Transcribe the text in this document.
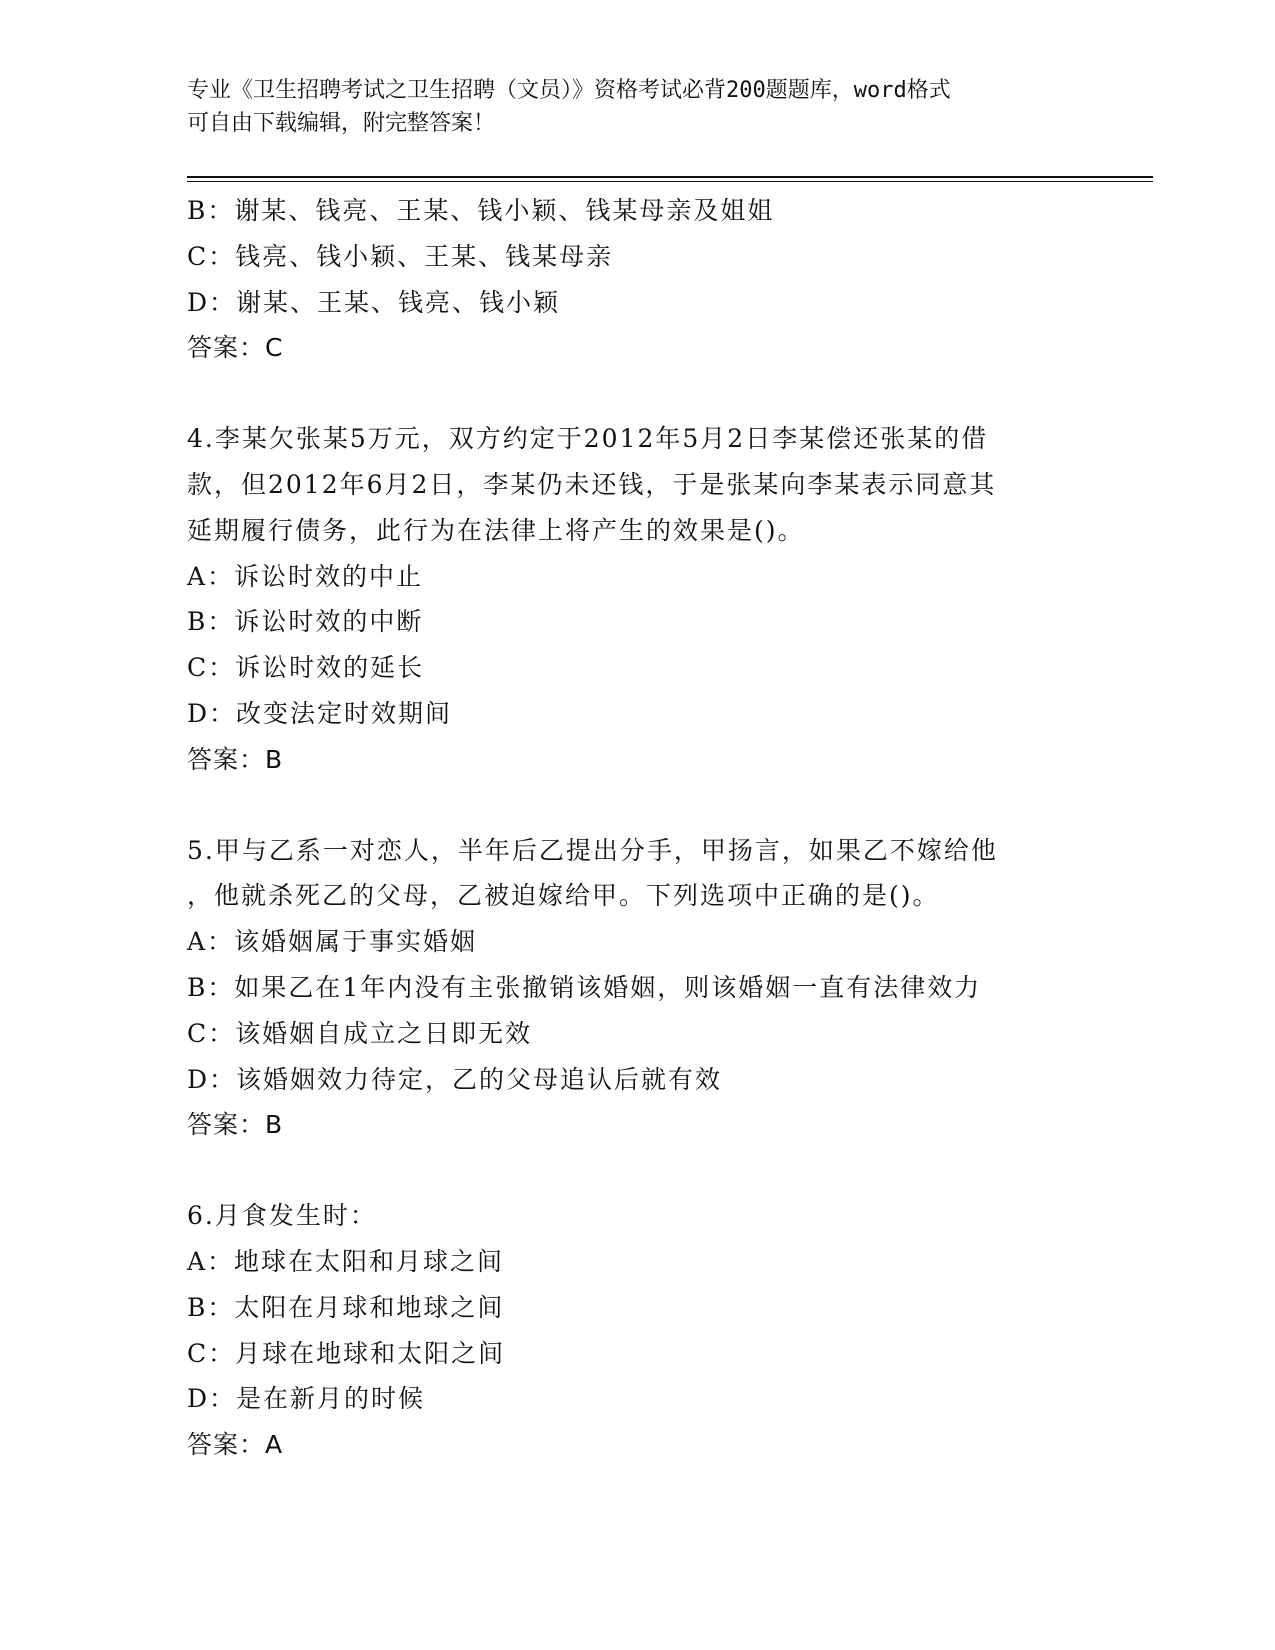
专业《卫生招聘考试之卫生招聘（文员）》资格考试必背200题题库，word格式
可自由下载编辑，附完整答案！
B：谢某、钱亮、王某、钱小颖、钱某母亲及姐姐
C：钱亮、钱小颖、王某、钱某母亲
D：谢某、王某、钱亮、钱小颖
答案：C
4.李某欠张某5万元，双方约定于2012年5月2日李某偿还张某的借
款，但2012年6月2日，李某仍未还钱，于是张某向李某表示同意其
延期履行债务，此行为在法律上将产生的效果是()。
A：诉讼时效的中止
B：诉讼时效的中断
C：诉讼时效的延长
D：改变法定时效期间
答案：B
5.甲与乙系一对恋人，半年后乙提出分手，甲扬言，如果乙不嫁给他
，他就杀死乙的父母，乙被迫嫁给甲。下列选项中正确的是()。
A：该婚姻属于事实婚姻
B：如果乙在1年内没有主张撤销该婚姻，则该婚姻一直有法律效力
C：该婚姻自成立之日即无效
D：该婚姻效力待定，乙的父母追认后就有效
答案：B
6.月食发生时：
A：地球在太阳和月球之间
B：太阳在月球和地球之间
C：月球在地球和太阳之间
D：是在新月的时候
答案：A
